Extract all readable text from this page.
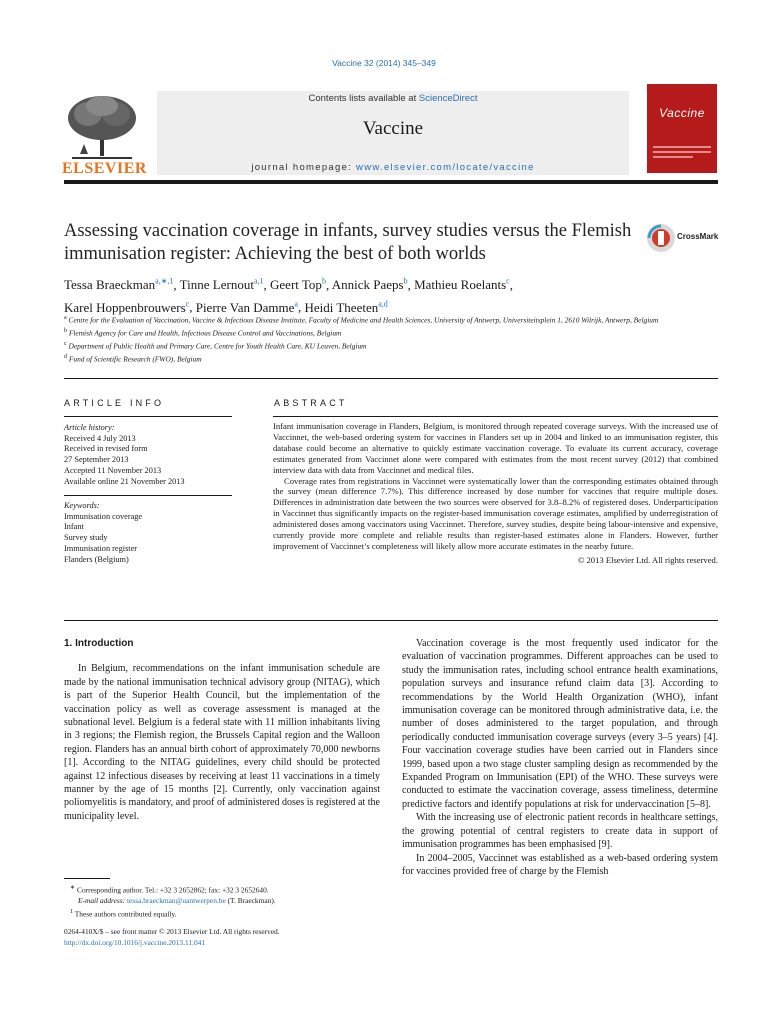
Vaccine 32 (2014) 345–349
ELSEVIER
Contents lists available at ScienceDirect
Vaccine
journal homepage: www.elsevier.com/locate/vaccine
Vaccine
Assessing vaccination coverage in infants, survey studies versus the Flemish immunisation register: Achieving the best of both worlds
CrossMark
Tessa Braeckman$^{a,∗,1}$, Tinne Lernout$^{a,1}$, Geert Top$^b$, Annick Paeps$^b$, Mathieu Roelants$^c$,
Karel Hoppenbrouwers$^c$, Pierre Van Damme$^a$, Heidi Theeten$^{a,d}$
$^a$ Centre for the Evaluation of Vaccination, Vaccine & Infectious Disease Institute, Faculty of Medicine and Health Sciences, University of Antwerp, Universiteitsplein 1, 2610 Wilrijk, Antwerp, Belgium
$^b$ Flemish Agency for Care and Health, Infectious Disease Control and Vaccinations, Belgium
$^c$ Department of Public Health and Primary Care, Centre for Youth Health Care, KU Leuven, Belgium
$^d$ Fund of Scientific Research (FWO), Belgium
ARTICLE INFO
Article history:
Received 4 July 2013
Received in revised form
27 September 2013
Accepted 11 November 2013
Available online 21 November 2013
Keywords:
Immunisation coverage
Infant
Survey study
Immunisation register
Flanders (Belgium)
ABSTRACT

Infant immunisation coverage in Flanders, Belgium, is monitored through repeated coverage surveys. With the increased use of Vaccinnet, the web-based ordering system for vaccines in Flanders set up in 2004 and linked to an immunisation register, this database could become an alternative to quickly estimate vaccination coverage. To evaluate its current accuracy, coverage estimates generated from Vaccinnet alone were compared with estimates from the most recent survey (2012) that combined interview data with data from Vaccinnet and medical files.

Coverage rates from registrations in Vaccinnet were systematically lower than the corresponding estimates obtained through the survey (mean difference 7.7%). This difference increased by dose number for vaccines that require multiple doses. Differences in administration date between the two sources were observed for 3.8–8.2% of registered doses. Underparticipation in Vaccinnet thus significantly impacts on the register-based immunisation coverage estimates, amplified by underregistration of administered doses among vaccinators using Vaccinnet. Therefore, survey studies, despite being labour-intensive and expensive, currently provide more complete and reliable results than register-based estimates alone in Flanders. However, further improvement of Vaccinnet’s completeness will likely allow more accurate estimates in the nearby future.

© 2013 Elsevier Ltd. All rights reserved.
1. Introduction

In Belgium, recommendations on the infant immunisation schedule are made by the national immunisation technical advisory group (NITAG), which is part of the Superior Health Council, but the implementation of the vaccination policy as well as coverage assessment is managed at the subnational level. Belgium is a federal state with 11 million inhabitants living in 3 regions; the Flemish region, the Brussels Capital region and the Walloon region. Flanders has an annual birth cohort of approximately 70,000 newborns [1]. According to the NITAG guidelines, every child should be protected against 12 infectious diseases by receiving at least 11 vaccinations in a timely manner by the age of 15 months [2]. Currently, only vaccination against poliomyelitis is mandatory, and proof of administered doses is registered at the municipality level.

Vaccination coverage is the most frequently used indicator for the evaluation of vaccination programmes. Different approaches can be used to study the immunisation rates, including school entrance health examinations, population surveys and insurance refund claim data [3]. According to recommendations by the World Health Organization (WHO), infant immunisation coverage can be monitored through administrative data, i.e. the number of doses administered to the target population, and through periodically conducted immunisation coverage surveys (every 3–5 years) [4]. Four vaccination coverage studies have been carried out in Flanders since 1999, based upon a two stage cluster sampling design as recommended by the Expanded Program on Immunisation (EPI) of the WHO. These surveys were conducted to estimate the vaccination coverage, assess timeliness, determine predictive factors and identify populations at risk for undervaccination [5–8].

With the increasing use of electronic patient records in healthcare settings, the growing potential of central registers to create data in support of immunisation programmes has been emphasised [9].

In 2004–2005, Vaccinnet was established as a web-based ordering system for vaccines provided free of charge by the Flemish

∗ Corresponding author. Tel.: +32 3 2652862; fax: +32 3 2652640.
E-mail address: tessa.braeckman@uantwerpen.be (T. Braeckman).
$^1$ These authors contributed equally.
0264-410X/$ – see front matter © 2013 Elsevier Ltd. All rights reserved.
http://dx.doi.org/10.1016/j.vaccine.2013.11.041
